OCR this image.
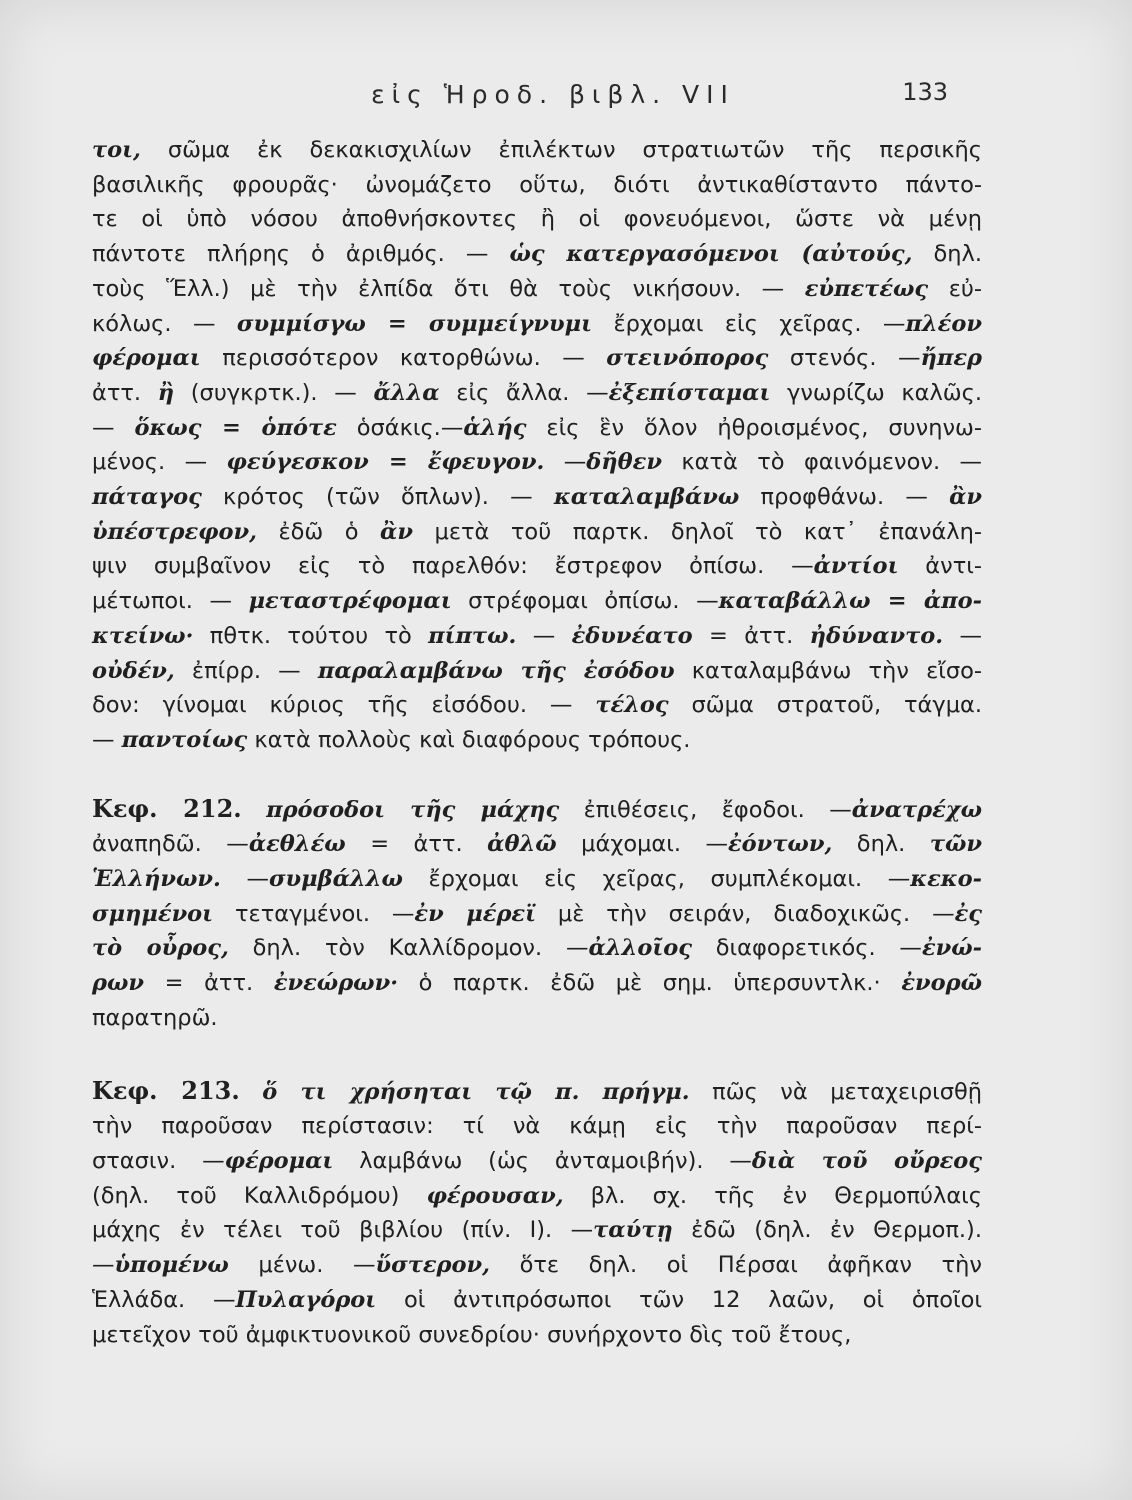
εἰς Ἡροδ. βιβλ. VII	133
τοι, σῶμα ἐκ δεκακισχιλίων ἐπιλέκτων στρατιωτῶν τῆς περσικῆς
βασιλικῆς φρουρᾶς· ὠνομάζετο οὕτω, διότι ἀντικαθίσταντο πάντο-
τε οἱ ὑπὸ νόσου ἀποθνήσκοντες ἢ οἱ φονευόμενοι, ὥστε νὰ μένῃ
πάντοτε πλήρης ὁ ἀριθμός. — ὡς κατεργασόμενοι (αὐτούς, δηλ.
τοὺς Ἕλλ.) μὲ τὴν ἐλπίδα ὅτι θὰ τοὺς νικήσουν. — εὐπετέως εὐ-
κόλως. — συμμίσγω = συμμείγνυμι ἔρχομαι εἰς χεῖρας. —πλέον
φέρομαι περισσότερον κατορθώνω. — στεινόπορος στενός. —ἤπερ
ἀττ. ἢ (συγκρτκ.). — ἄλλα εἰς ἄλλα. —ἐξεπίσταμαι γνωρίζω καλῶς.
— ὅκως = ὁπότε ὁσάκις.—ἁλής εἰς ἓν ὅλον ἠθροισμένος, συνηνω-
μένος. — φεύγεσκον = ἔφευγον. —δῆθεν κατὰ τὸ φαινόμενον. —
πάταγος κρότος (τῶν ὅπλων). — καταλαμβάνω προφθάνω. — ἂν
ὑπέστρεφον, ἐδῶ ὁ ἂν μετὰ τοῦ παρτκ. δηλοῖ τὸ κατ᾽ ἐπανάλη-
ψιν συμβαῖνον εἰς τὸ παρελθόν: ἔστρεφον ὀπίσω. —ἀντίοι ἀντι-
μέτωποι. — μεταστρέφομαι στρέφομαι ὀπίσω. —καταβάλλω = ἀπο-
κτείνω· πθτκ. τούτου τὸ πίπτω. — ἐδυνέατο = ἀττ. ἠδύναντο. —
οὐδέν, ἐπίρρ. — παραλαμβάνω τῆς ἐσόδου καταλαμβάνω τὴν εἴσο-
δον: γίνομαι κύριος τῆς εἰσόδου. — τέλος σῶμα στρατοῦ, τάγμα.
— παντοίως κατὰ πολλοὺς καὶ διαφόρους τρόπους.
Κεφ. 212. πρόσοδοι τῆς μάχης ἐπιθέσεις, ἔφοδοι. —ἀνατρέχω
ἀναπηδῶ. —ἀεθλέω = ἀττ. ἀθλῶ μάχομαι. —ἐόντων, δηλ. τῶν
Ἑλλήνων. —συμβάλλω ἔρχομαι εἰς χεῖρας, συμπλέκομαι. —κεκο-
σμημένοι τεταγμένοι. —ἐν μέρεϊ μὲ τὴν σειράν, διαδοχικῶς. —ἐς
τὸ οὖρος, δηλ. τὸν Καλλίδρομον. —ἀλλοῖος διαφορετικός. —ἐνώ-
ρων = ἀττ. ἐνεώρων· ὁ παρτκ. ἐδῶ μὲ σημ. ὑπερσυντλκ.· ἐνορῶ
παρατηρῶ.
Κεφ. 213. ὅ τι χρήσηται τῷ π. πρήγμ. πῶς νὰ μεταχειρισθῇ
τὴν παροῦσαν περίστασιν: τί νὰ κάμῃ εἰς τὴν παροῦσαν περί-
στασιν. —φέρομαι λαμβάνω (ὡς ἀνταμοιβήν). —διὰ τοῦ οὔρεος
(δηλ. τοῦ Καλλιδρόμου) φέρουσαν, βλ. σχ. τῆς ἐν Θερμοπύλαις
μάχης ἐν τέλει τοῦ βιβλίου (πίν. I). —ταύτῃ ἐδῶ (δηλ. ἐν Θερμοπ.).
—ὑπομένω μένω. —ὕστερον, ὅτε δηλ. οἱ Πέρσαι ἀφῆκαν τὴν
Ἑλλάδα. —Πυλαγόροι οἱ ἀντιπρόσωποι τῶν 12 λαῶν, οἱ ὁποῖοι
μετεῖχον τοῦ ἀμφικτυονικοῦ συνεδρίου· συνήρχοντο δὶς τοῦ ἔτους,
